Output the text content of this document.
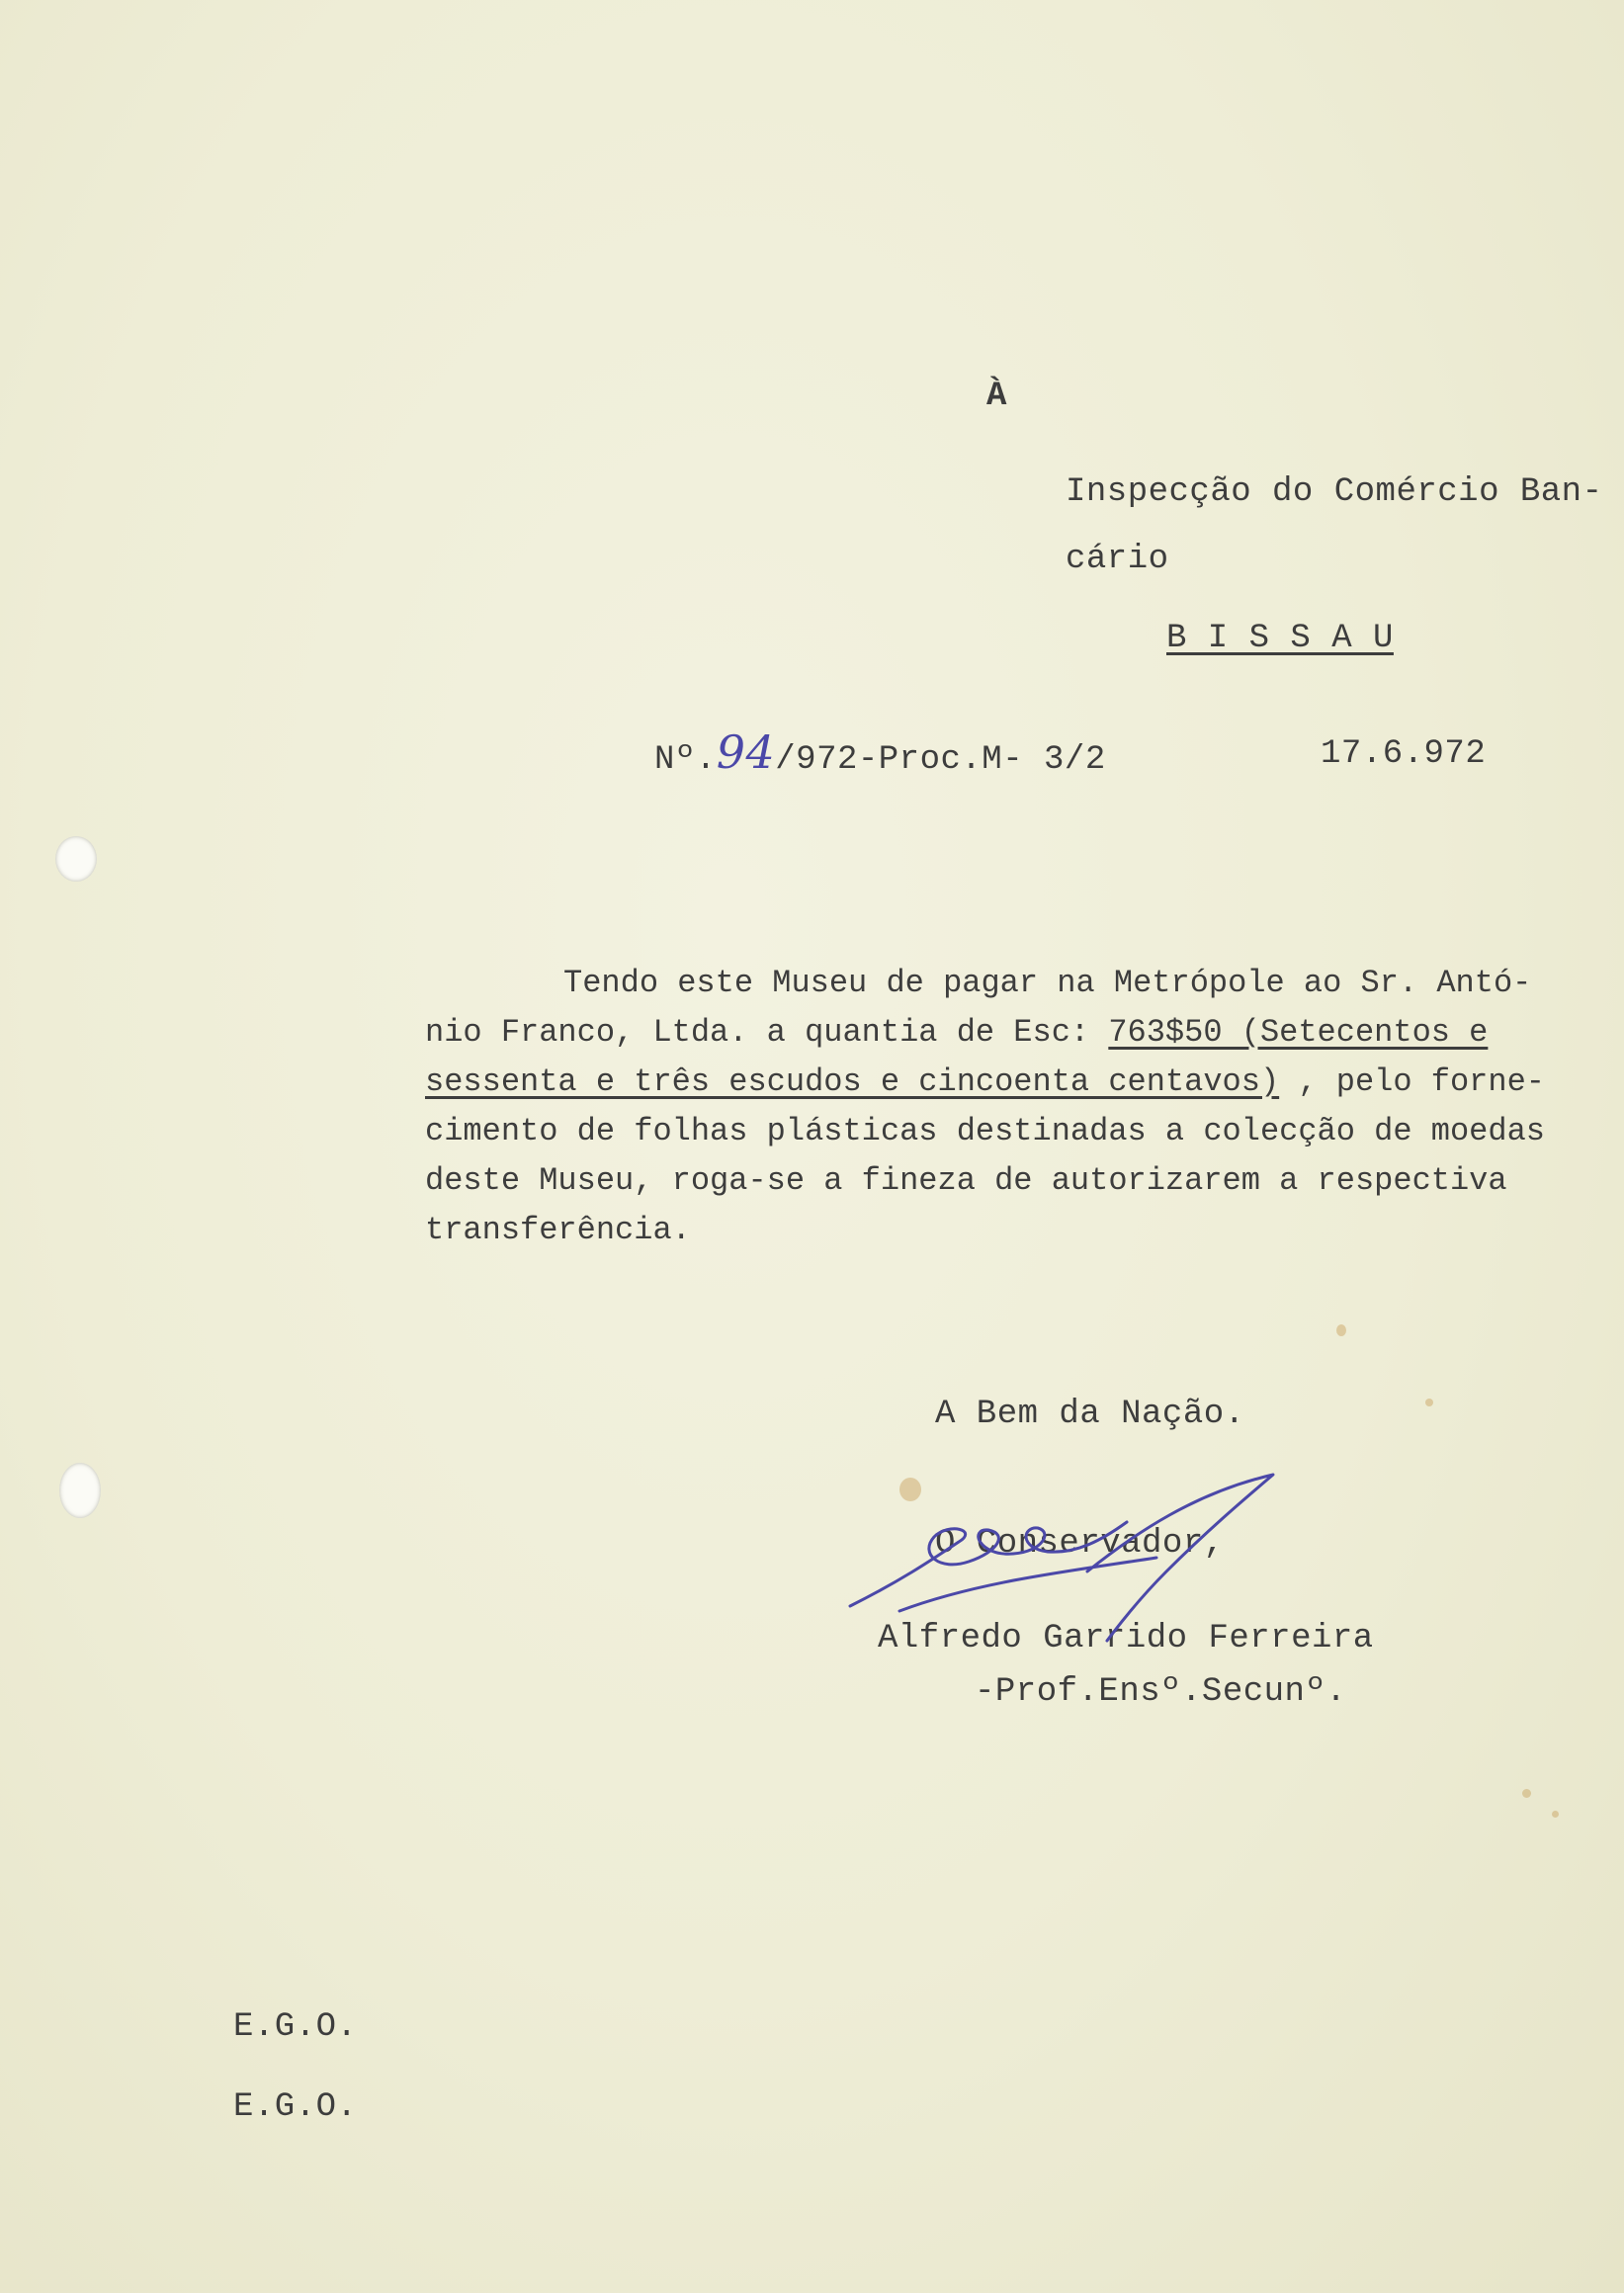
À
Inspecção do Comércio Ban-
cário
B I S S A U
Nº.94/972-Proc.M- 3/2	17.6.972
Tendo este Museu de pagar na Metrópole ao Sr. Antó-
nio Franco, Ltda. a quantia de Esc: 763$50 (Setecentos e
sessenta e três escudos e cincoenta centavos) , pelo forne-
cimento de folhas plásticas destinadas a colecção de moedas
deste Museu, roga-se a fineza de autorizarem a respectiva
transferência.
A Bem da Nação.
O Conservador,
Alfredo Garrido Ferreira
-Prof.Ensº.Secunº.
E.G.O.
E.G.O.
